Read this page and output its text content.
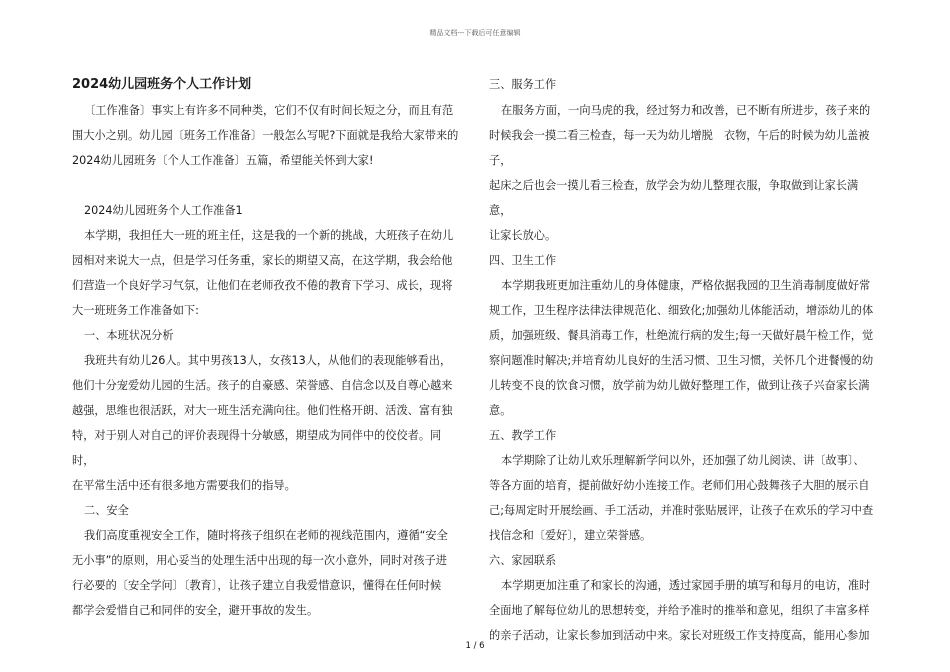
精品文档---下载后可任意编辑

2024幼儿园班务个人工作计划

〔工作准备〕事实上有许多不同种类，它们不仅有时间长短之分，而且有范

围大小之别。幼儿园〔班务工作准备〕一般怎么写呢?下面就是我给大家带来的

2024幼儿园班务〔个人工作准备〕五篇，希望能关怀到大家!

2024幼儿园班务个人工作准备1

本学期，我担任大一班的班主任，这是我的一个新的挑战，大班孩子在幼儿

园相对来说大一点，但是学习任务重，家长的期望又高，在这学期，我会给他

们营造一个良好学习气氛，让他们在老师孜孜不倦的教育下学习、成长，现将

大一班班务工作准备如下:

一、本班状况分析

我班共有幼儿26人。其中男孩13人，女孩13人，从他们的表现能够看出，

他们十分宠爱幼儿园的生活。孩子的自豪感、荣誉感、自信念以及自尊心越来

越强，思维也很活跃，对大一班生活充满向往。他们性格开朗、活泼、富有独

特，对于别人对自己的评价表现得十分敏感，期望成为同伴中的佼佼者。同时，

在平常生活中还有很多地方需要我们的指导。

二、安全

我们高度重视安全工作，随时将孩子组织在老师的视线范围内，遵循“安全

无小事”的原则，用心妥当的处理生活中出现的每一次小意外，同时对孩子进

行必要的〔安全学问〕〔教育〕，让孩子建立自我爱惜意识，懂得在任何时候

都学会爱惜自己和同伴的安全，避开事故的发生。

三、服务工作

在服务方面，一向马虎的我，经过努力和改善，已不断有所进步，孩子来的

时候我会一摸二看三检查，每一天为幼儿增脱　衣物，午后的时候为幼儿盖被子，

起床之后也会一摸儿看三检查，放学会为幼儿整理衣服，争取做到让家长满意，

让家长放心。

四、卫生工作

本学期我班更加注重幼儿的身体健康，严格依据我园的卫生消毒制度做好常

规工作，卫生程序法律法律规范化、细致化;加强幼儿体能活动，增添幼儿的体

质，加强班级、餐具消毒工作，杜绝流行病的发生;每一天做好晨午检工作，觉

察问题准时解决;并培育幼儿良好的生活习惯、卫生习惯，关怀几个进餐慢的幼

儿转变不良的饮食习惯，放学前为幼儿做好整理工作，做到让孩子兴奋家长满

意。

五、教学工作

本学期除了让幼儿欢乐理解新学问以外，还加强了幼儿阅读、讲〔故事〕、

等各方面的培育，提前做好幼小连接工作。老师们用心鼓舞孩子大胆的展示自

己;每周定时开展绘画、手工活动，并准时张贴展评，让孩子在欢乐的学习中查

找信念和〔爱好〕，建立荣誉感。

六、家园联系

本学期更加注重了和家长的沟通，透过家园手册的填写和每月的电访，准时

全面地了解每位幼儿的思想转变，并给予准时的推举和意见，组织了丰富多样

的亲子活动，让家长参加到活动中来。家长对班级工作支持度高，能用心参加

1 / 6
